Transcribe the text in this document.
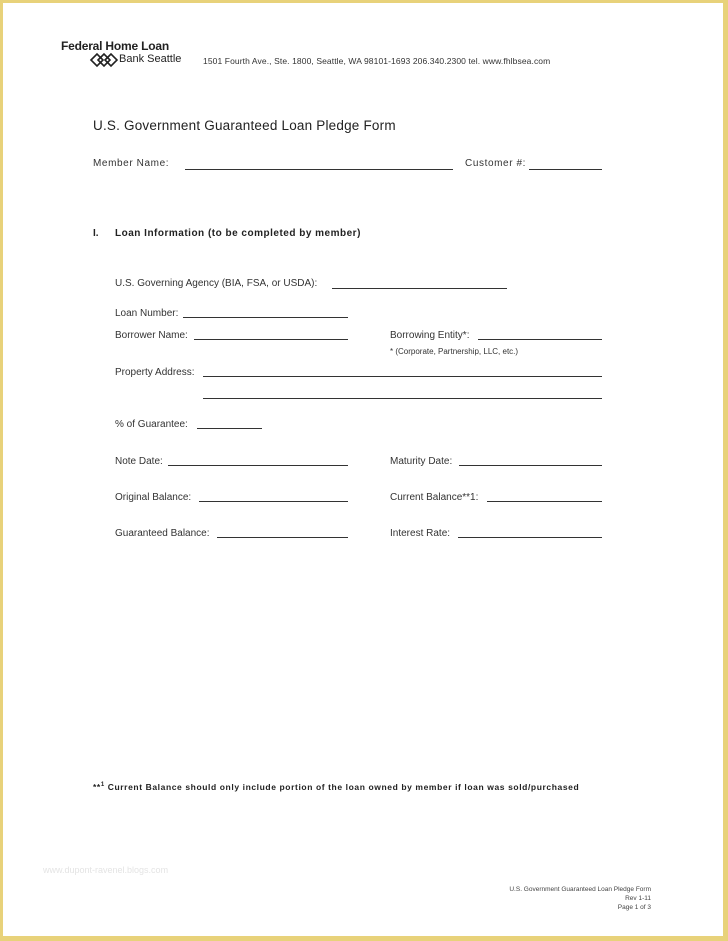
Federal Home Loan
Bank Seattle	1501 Fourth Ave., Ste. 1800, Seattle, WA 98101-1693 206.340.2300 tel. www.fhlbsea.com
U.S. Government Guaranteed Loan Pledge Form
Member Name:	Customer #:
I. Loan Information (to be completed by member)
U.S. Governing Agency (BIA, FSA, or USDA):
Loan Number:
Borrower Name:	Borrowing Entity*:
* (Corporate, Partnership, LLC, etc.)
Property Address:
% of Guarantee:
Note Date:	Maturity Date:
Original Balance:	Current Balance**1:
Guaranteed Balance:	Interest Rate:
**$^1$ Current Balance should only include portion of the loan owned by member if loan was sold/purchased
www.dupont-ravenel.blogs.com
U.S. Government Guaranteed Loan Pledge Form
Rev 1-11
Page 1 of 3
